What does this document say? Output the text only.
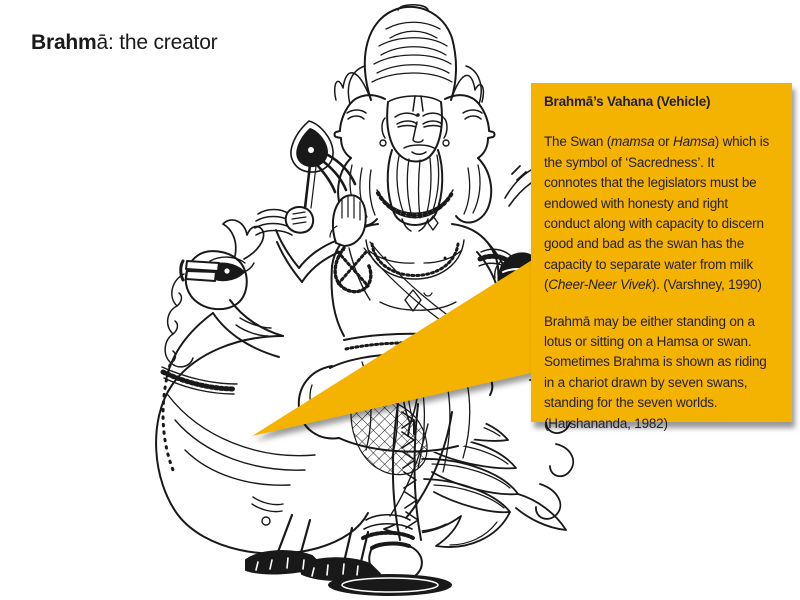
Brahmā’s Vahana (Vehicle)

The Swan (mamsa or Hamsa) which is
the symbol of ‘Sacredness’. It
connotes that the legislators must be
endowed with honesty and right
conduct along with capacity to discern
good and bad as the swan has the
capacity to separate water from milk
(Cheer-Neer Vivek). (Varshney, 1990)

Brahmā may be either standing on a
lotus or sitting on a Hamsa or swan.
Sometimes Brahma is shown as riding
in a chariot drawn by seven swans,
standing for the seven worlds.
(Harshananda, 1982)

Brahmā: the creator
